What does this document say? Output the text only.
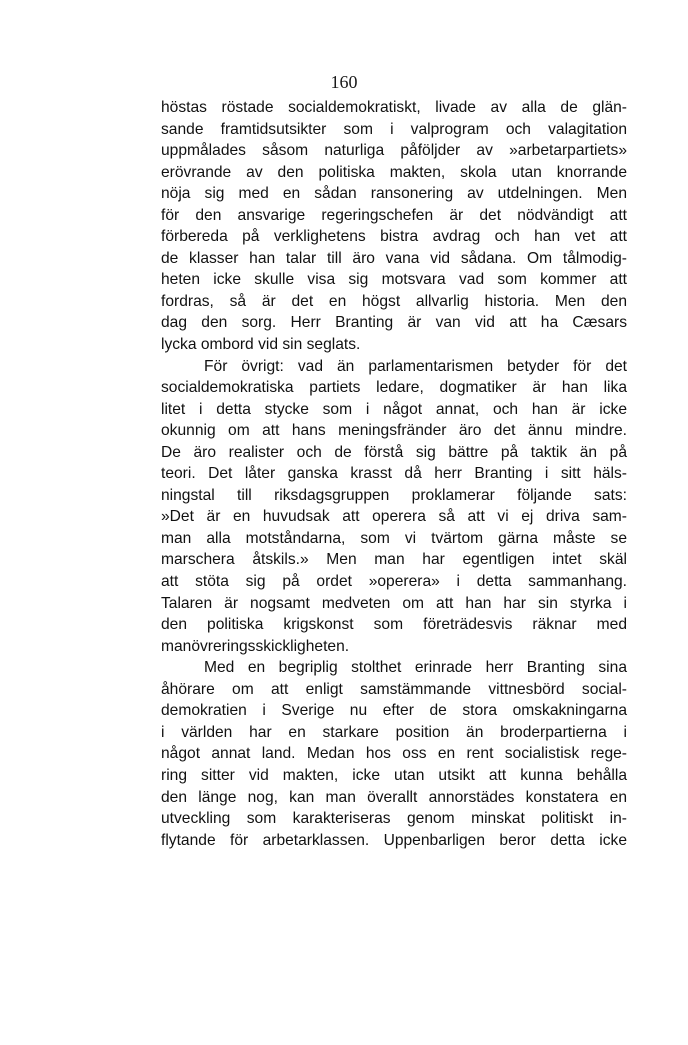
160
höstas röstade socialdemokratiskt, livade av alla de glän-
sande framtidsutsikter som i valprogram och valagitation
uppmålades såsom naturliga påföljder av »arbetarpartiets»
erövrande av den politiska makten, skola utan knorrande
nöja sig med en sådan ransonering av utdelningen. Men
för den ansvarige regeringschefen är det nödvändigt att
förbereda på verklighetens bistra avdrag och han vet att
de klasser han talar till äro vana vid sådana. Om tålmodig-
heten icke skulle visa sig motsvara vad som kommer att
fordras, så är det en högst allvarlig historia. Men den
dag den sorg. Herr Branting är van vid att ha Cæsars
lycka ombord vid sin seglats.
För övrigt: vad än parlamentarismen betyder för det
socialdemokratiska partiets ledare, dogmatiker är han lika
litet i detta stycke som i något annat, och han är icke
okunnig om att hans meningsfränder äro det ännu mindre.
De äro realister och de förstå sig bättre på taktik än på
teori. Det låter ganska krasst då herr Branting i sitt häls-
ningstal till riksdagsgruppen proklamerar följande sats:
»Det är en huvudsak att operera så att vi ej driva sam-
man alla motståndarna, som vi tvärtom gärna måste se
marschera åtskils.» Men man har egentligen intet skäl
att stöta sig på ordet »operera» i detta sammanhang.
Talaren är nogsamt medveten om att han har sin styrka i
den politiska krigskonst som företrädesvis räknar med
manövreringsskickligheten.
Med en begriplig stolthet erinrade herr Branting sina
åhörare om att enligt samstämmande vittnesbörd social-
demokratien i Sverige nu efter de stora omskakningarna
i världen har en starkare position än broderpartierna i
något annat land. Medan hos oss en rent socialistisk rege-
ring sitter vid makten, icke utan utsikt att kunna behålla
den länge nog, kan man överallt annorstädes konstatera en
utveckling som karakteriseras genom minskat politiskt in-
flytande för arbetarklassen. Uppenbarligen beror detta icke
